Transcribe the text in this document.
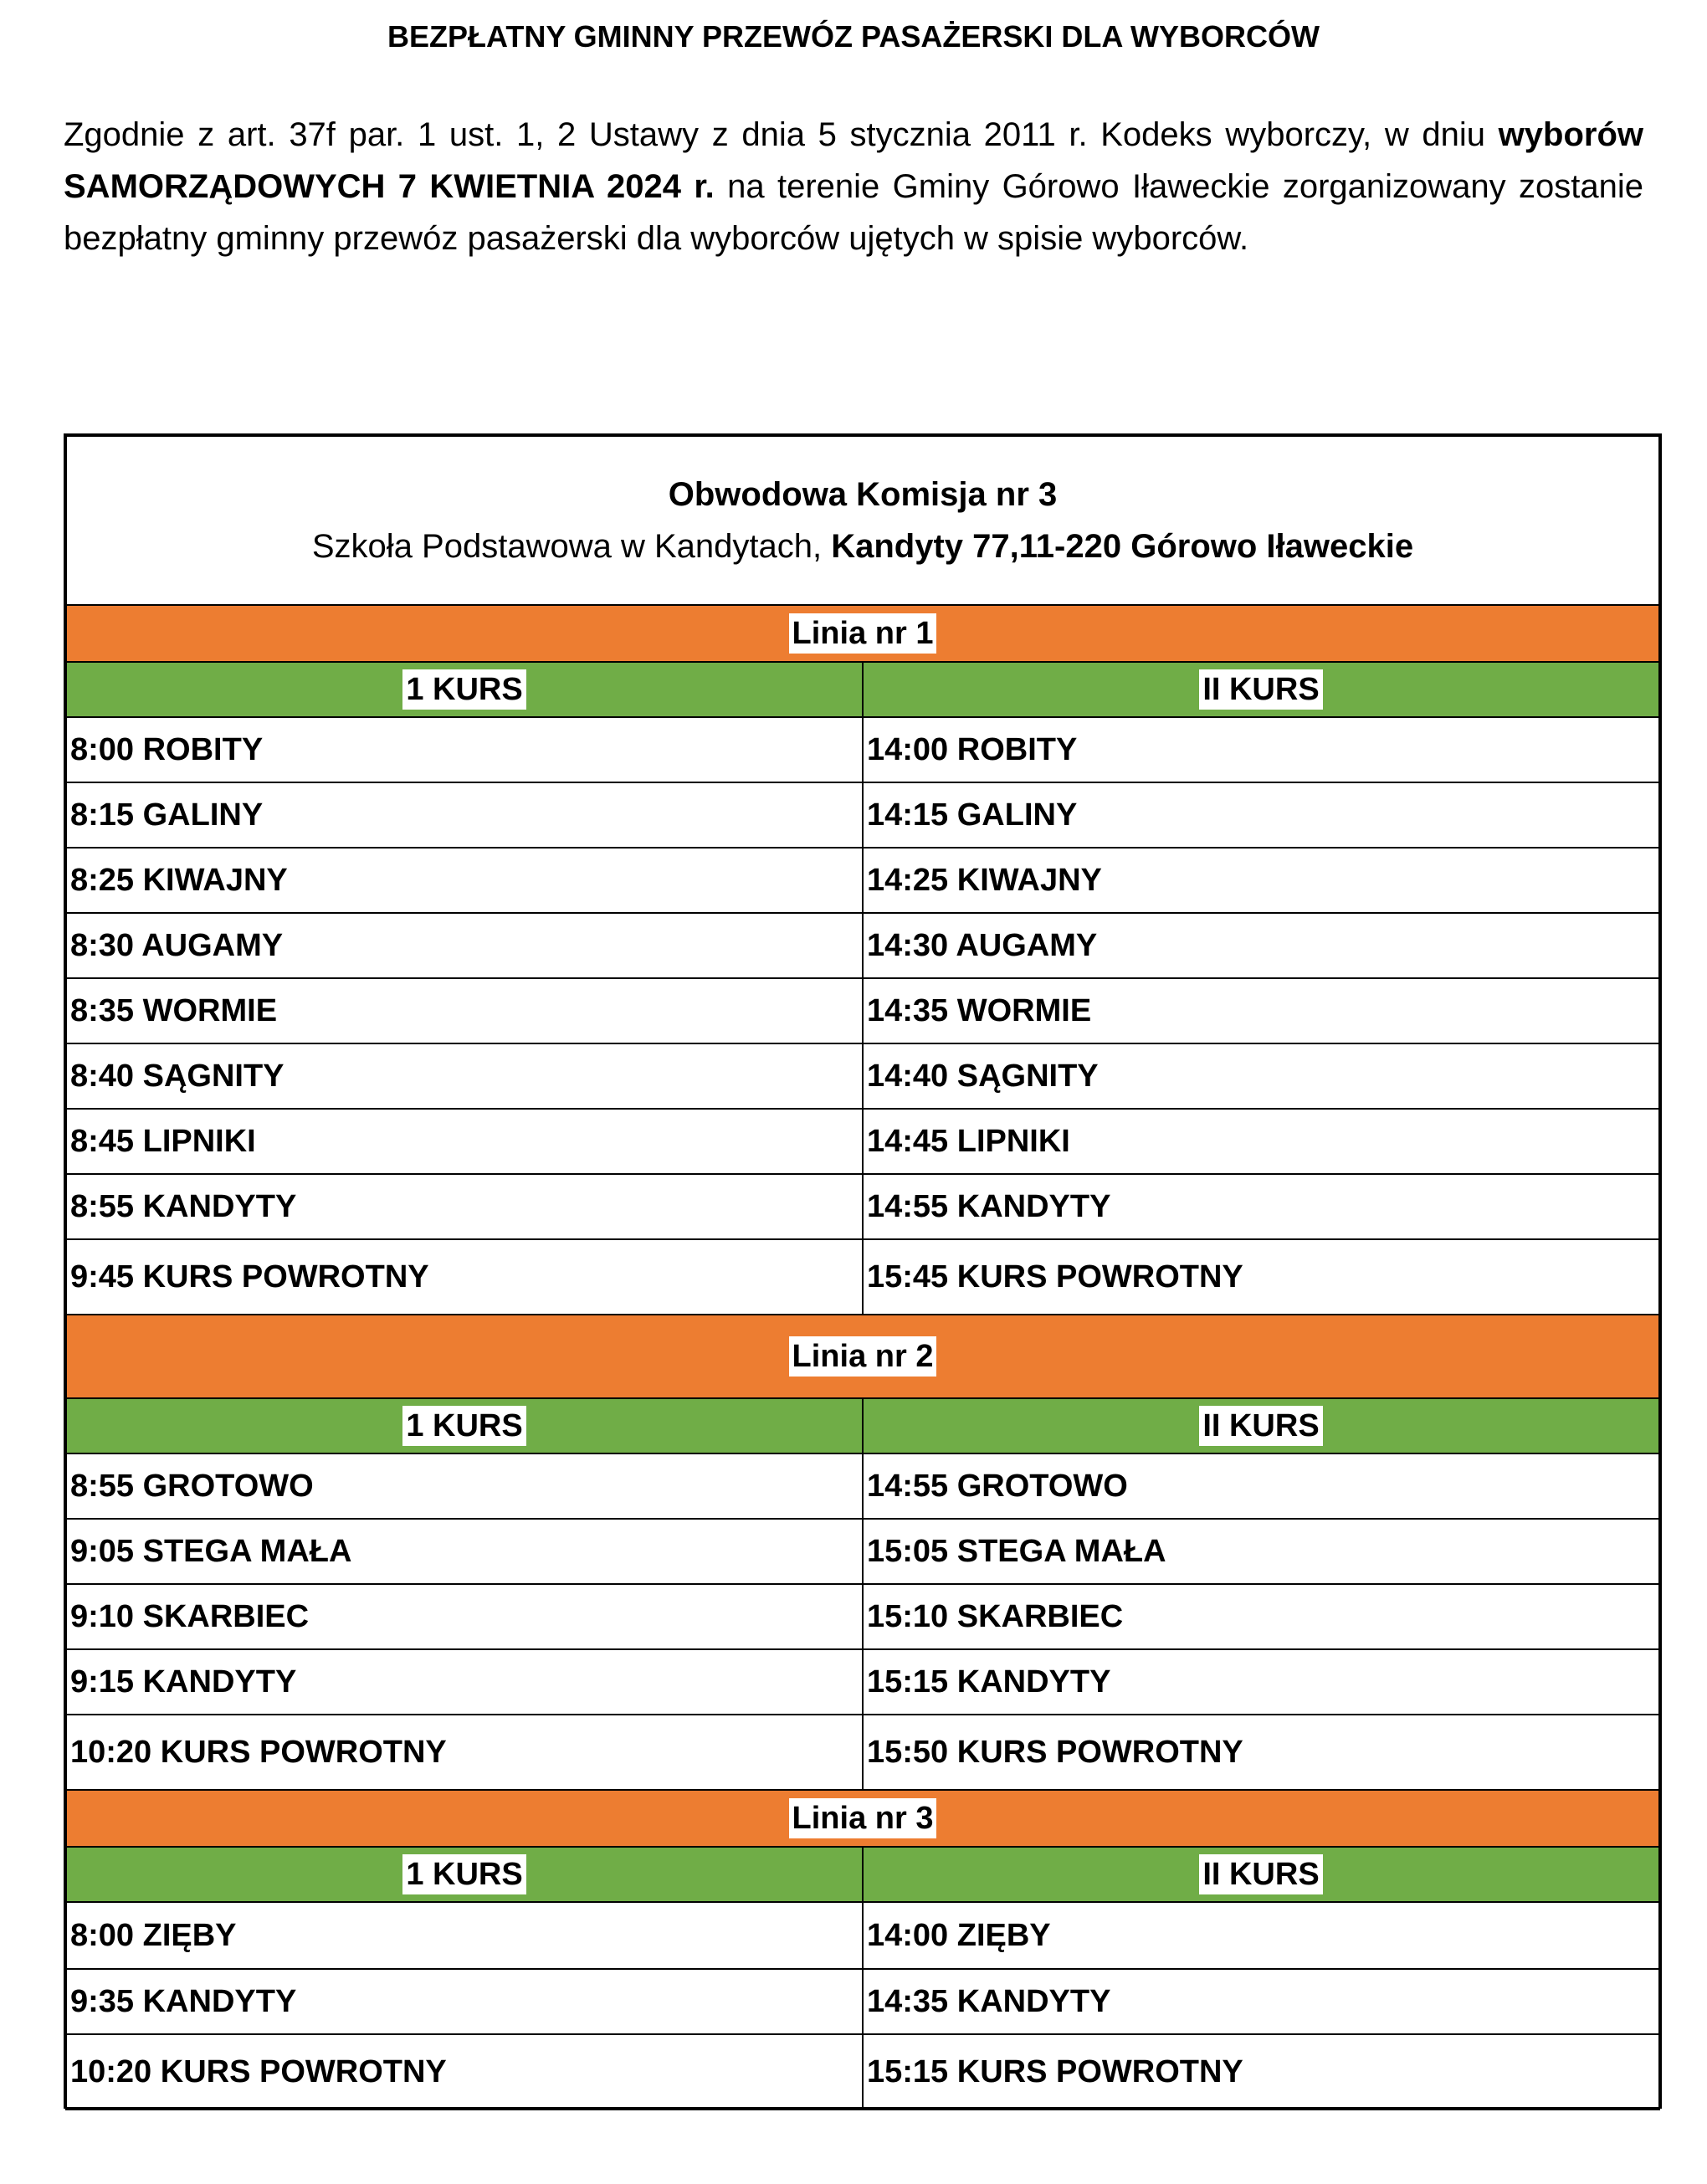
BEZPŁATNY GMINNY PRZEWÓZ PASAŻERSKI DLA WYBORCÓW

Zgodnie z art. 37f par. 1 ust. 1, 2 Ustawy z dnia 5 stycznia 2011 r. Kodeks wyborczy, w dniu wyborów SAMORZĄDOWYCH 7 KWIETNIA 2024 r. na terenie Gminy Górowo Iławeckie zorganizowany zostanie bezpłatny gminny przewóz pasażerski dla wyborców ujętych w spisie wyborców.

Obwodowa Komisja nr 3
Szkoła Podstawowa w Kandytach, Kandyty 77,11-220 Górowo Iławeckie	

Linia nr 1	
1 KURS	II KURS
8:00 ROBITY	14:00 ROBITY
8:15 GALINY	14:15 GALINY
8:25 KIWAJNY	14:25 KIWAJNY
8:30 AUGAMY	14:30 AUGAMY
8:35 WORMIE	14:35 WORMIE
8:40 SĄGNITY	14:40 SĄGNITY
8:45 LIPNIKI	14:45 LIPNIKI
8:55 KANDYTY	14:55 KANDYTY
9:45 KURS POWROTNY	15:45 KURS POWROTNY
Linia nr 2	
1 KURS	II KURS
8:55 GROTOWO	14:55 GROTOWO
9:05 STEGA MAŁA	15:05 STEGA MAŁA
9:10 SKARBIEC	15:10 SKARBIEC
9:15 KANDYTY	15:15 KANDYTY
10:20 KURS POWROTNY	15:50 KURS POWROTNY
Linia nr 3	
1 KURS	II KURS
8:00 ZIĘBY	14:00 ZIĘBY
9:35 KANDYTY	14:35 KANDYTY
10:20 KURS POWROTNY	15:15 KURS POWROTNY
